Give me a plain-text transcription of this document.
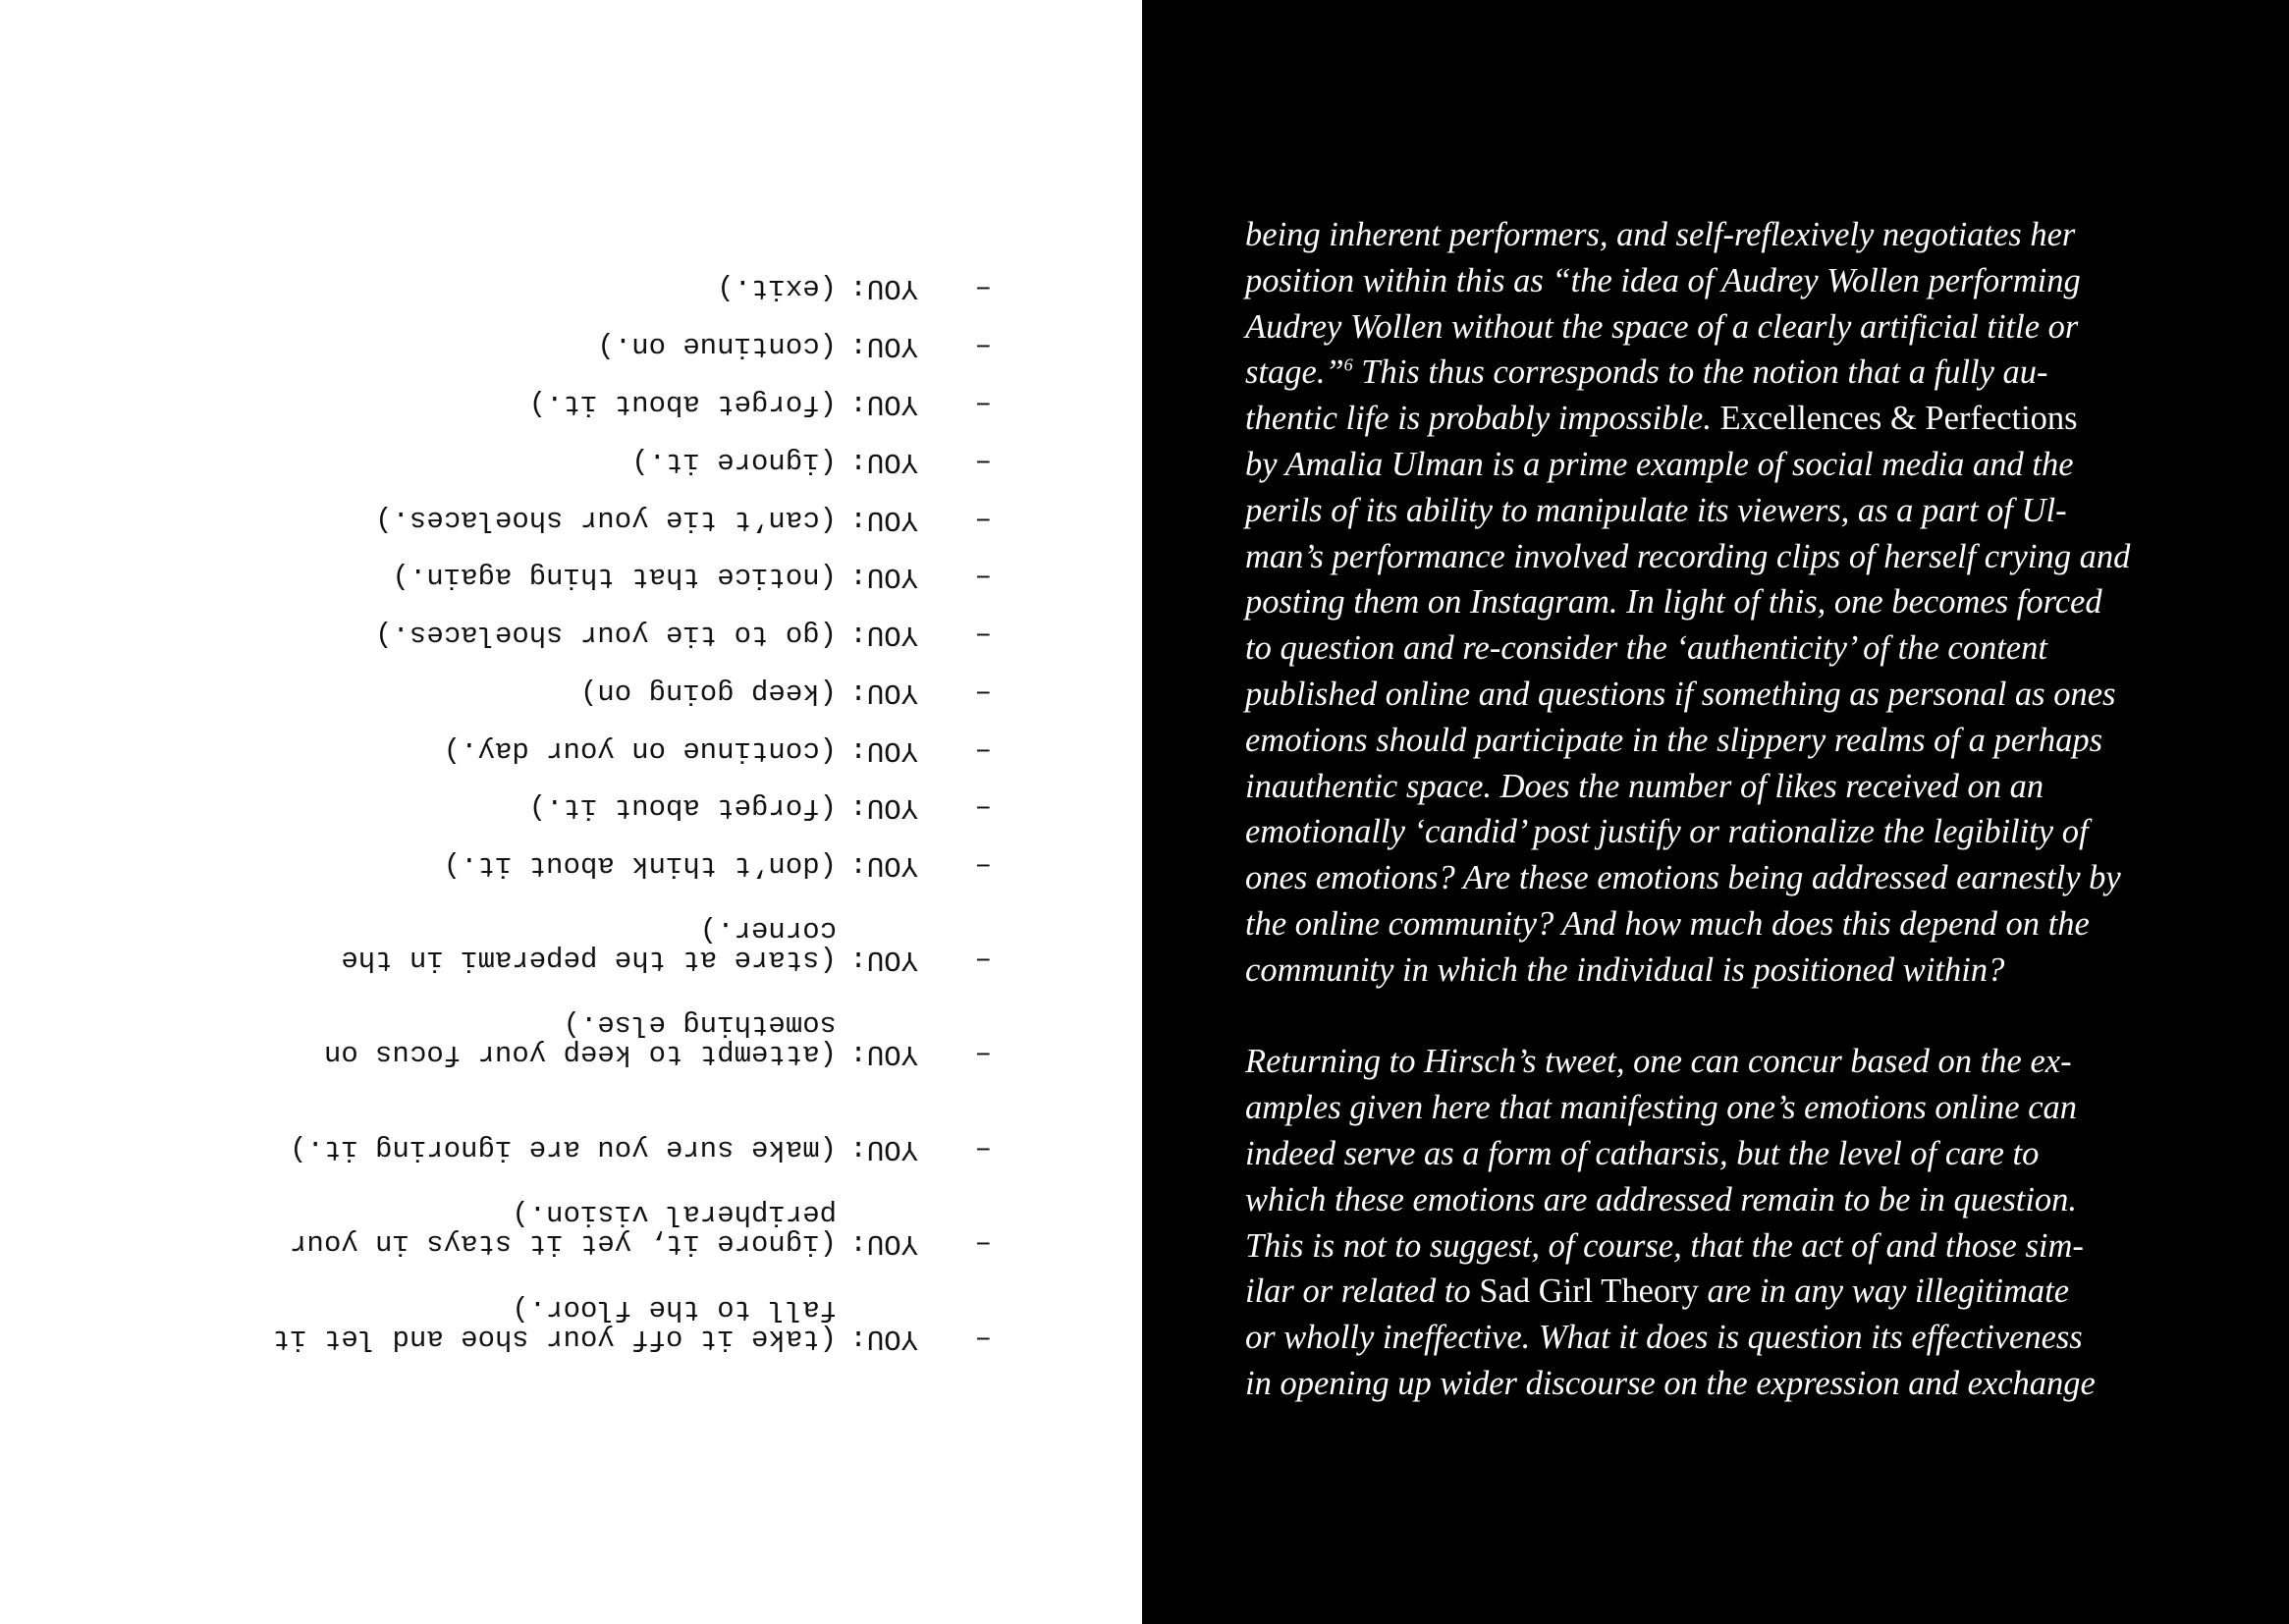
–
YOU:
(take it off your shoe and let it
fall to the floor.)
–
YOU:
(ignore it, yet it stays in your
peripheral vision.)
–
YOU:
(make sure you are ignoring it.)
–
YOU:
(attempt to keep your focus on
something else.)
–
YOU:
(stare at the peperami in the
corner.)
–
YOU:
(don’t think about it.)
–
YOU:
(forget about it.)
–
YOU:
(continue on your day.)
–
YOU:
(keep going on)
–
YOU:
(go to tie your shoelaces.)
–
YOU:
(notice that thing again.)
–
YOU:
(can’t tie your shoelaces.)
–
YOU:
(ignore it.)
–
YOU:
(forget about it.)
–
YOU:
(continue on.)
–
YOU:
(exit.)

being inherent performers, and self-reflexively negotiates her
position within this as “the idea of Audrey Wollen performing
Audrey Wollen without the space of a clearly artificial title or
stage.”$^6$ This thus corresponds to the notion that a fully au-
thentic life is probably impossible. Excellences & Perfections
by Amalia Ulman is a prime example of social media and the
perils of its ability to manipulate its viewers, as a part of Ul-
man’s performance involved recording clips of herself crying and
posting them on Instagram. In light of this, one becomes forced
to question and re-consider the ‘authenticity’ of the content
published online and questions if something as personal as ones
emotions should participate in the slippery realms of a perhaps
inauthentic space. Does the number of likes received on an
emotionally ‘candid’ post justify or rationalize the legibility of
ones emotions? Are these emotions being addressed earnestly by
the online community? And how much does this depend on the
community in which the individual is positioned within?

Returning to Hirsch’s tweet, one can concur based on the ex-
amples given here that manifesting one’s emotions online can
indeed serve as a form of catharsis, but the level of care to
which these emotions are addressed remain to be in question.
This is not to suggest, of course, that the act of and those sim-
ilar or related to Sad Girl Theory are in any way illegitimate
or wholly ineffective. What it does is question its effectiveness
in opening up wider discourse on the expression and exchange
